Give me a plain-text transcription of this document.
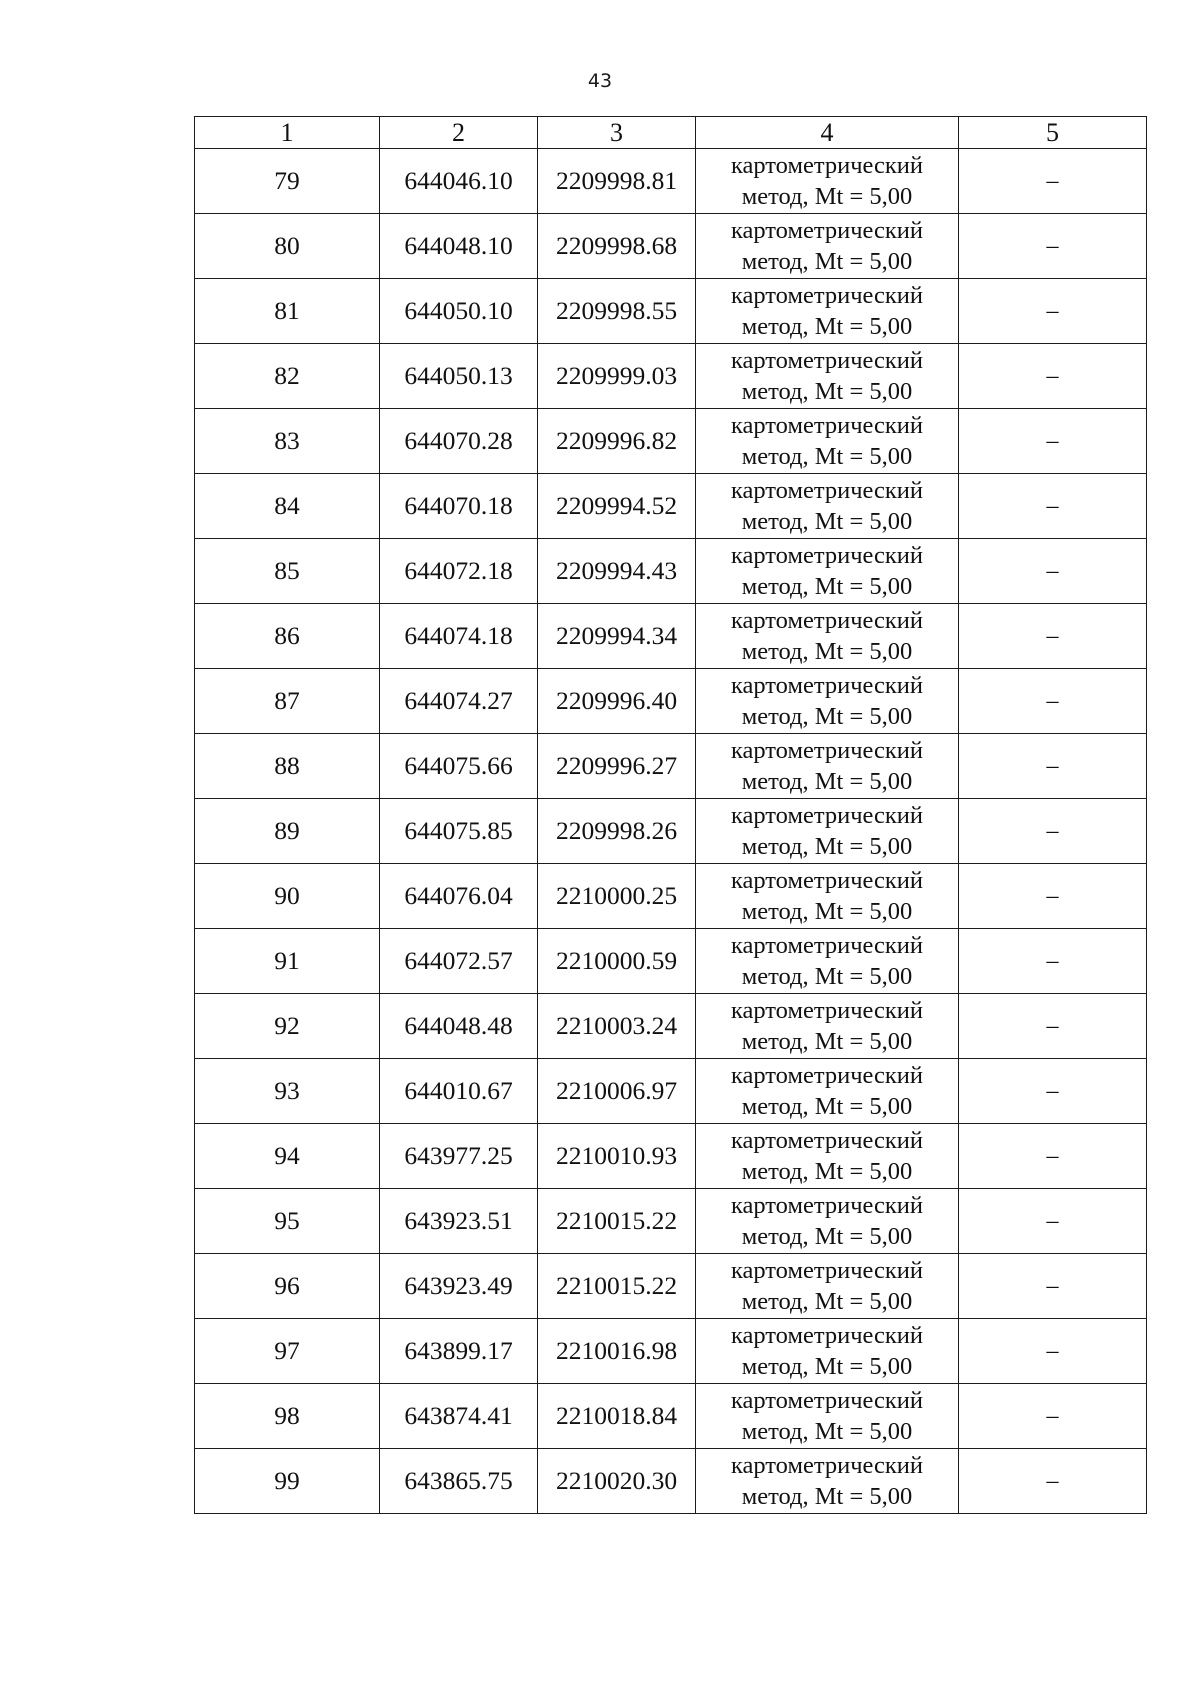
43
1	2	3	4	5
79	644046.10	2209998.81	картометрический
метод, Mt = 5,00	–
80	644048.10	2209998.68	картометрический
метод, Mt = 5,00	–
81	644050.10	2209998.55	картометрический
метод, Mt = 5,00	–
82	644050.13	2209999.03	картометрический
метод, Mt = 5,00	–
83	644070.28	2209996.82	картометрический
метод, Mt = 5,00	–
84	644070.18	2209994.52	картометрический
метод, Mt = 5,00	–
85	644072.18	2209994.43	картометрический
метод, Mt = 5,00	–
86	644074.18	2209994.34	картометрический
метод, Mt = 5,00	–
87	644074.27	2209996.40	картометрический
метод, Mt = 5,00	–
88	644075.66	2209996.27	картометрический
метод, Mt = 5,00	–
89	644075.85	2209998.26	картометрический
метод, Mt = 5,00	–
90	644076.04	2210000.25	картометрический
метод, Mt = 5,00	–
91	644072.57	2210000.59	картометрический
метод, Mt = 5,00	–
92	644048.48	2210003.24	картометрический
метод, Mt = 5,00	–
93	644010.67	2210006.97	картометрический
метод, Mt = 5,00	–
94	643977.25	2210010.93	картометрический
метод, Mt = 5,00	–
95	643923.51	2210015.22	картометрический
метод, Mt = 5,00	–
96	643923.49	2210015.22	картометрический
метод, Mt = 5,00	–
97	643899.17	2210016.98	картометрический
метод, Mt = 5,00	–
98	643874.41	2210018.84	картометрический
метод, Mt = 5,00	–
99	643865.75	2210020.30	картометрический
метод, Mt = 5,00	–
